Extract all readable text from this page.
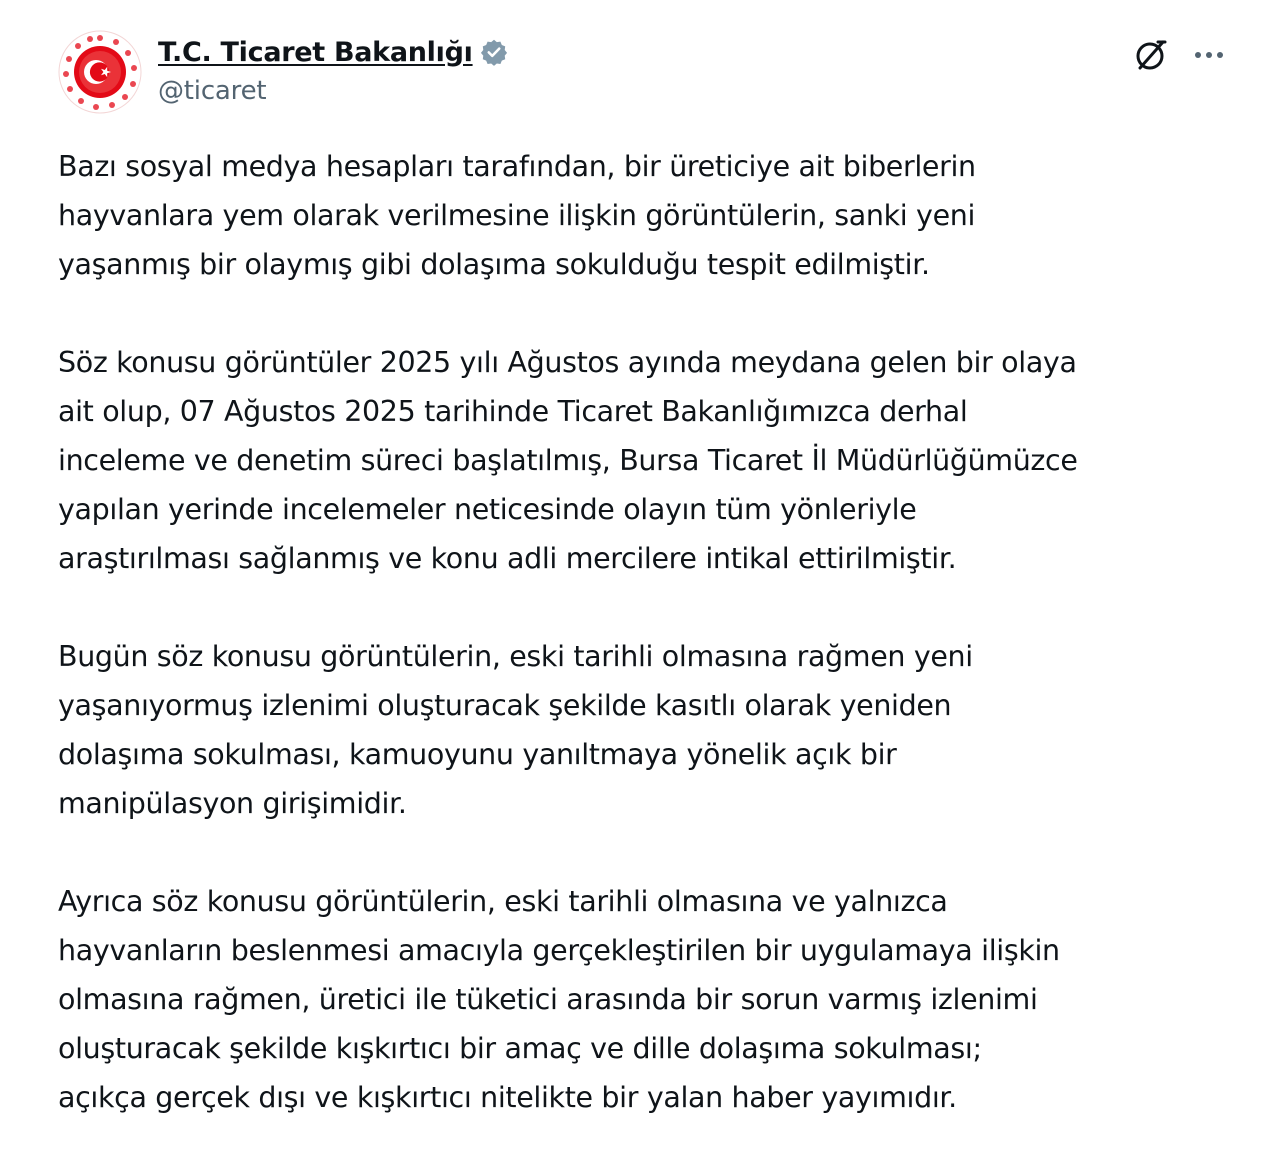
T.C. Ticaret Bakanlığı
@ticaret

Bazı sosyal medya hesapları tarafından, bir üreticiye ait biberlerin
hayvanlara yem olarak verilmesine ilişkin görüntülerin, sanki yeni
yaşanmış bir olaymış gibi dolaşıma sokulduğu tespit edilmiştir.

Söz konusu görüntüler 2025 yılı Ağustos ayında meydana gelen bir olaya
ait olup, 07 Ağustos 2025 tarihinde Ticaret Bakanlığımızca derhal
inceleme ve denetim süreci başlatılmış, Bursa Ticaret İl Müdürlüğümüzce
yapılan yerinde incelemeler neticesinde olayın tüm yönleriyle
araştırılması sağlanmış ve konu adli mercilere intikal ettirilmiştir.

Bugün söz konusu görüntülerin, eski tarihli olmasına rağmen yeni
yaşanıyormuş izlenimi oluşturacak şekilde kasıtlı olarak yeniden
dolaşıma sokulması, kamuoyunu yanıltmaya yönelik açık bir
manipülasyon girişimidir.

Ayrıca söz konusu görüntülerin, eski tarihli olmasına ve yalnızca
hayvanların beslenmesi amacıyla gerçekleştirilen bir uygulamaya ilişkin
olmasına rağmen, üretici ile tüketici arasında bir sorun varmış izlenimi
oluşturacak şekilde kışkırtıcı bir amaç ve dille dolaşıma sokulması;
açıkça gerçek dışı ve kışkırtıcı nitelikte bir yalan haber yayımıdır.
